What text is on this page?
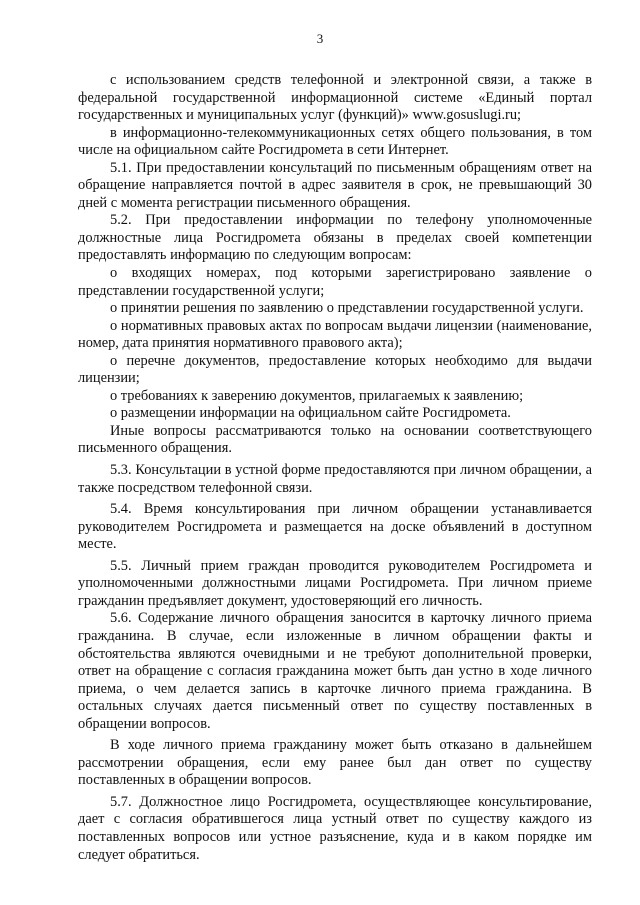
3

с использованием средств телефонной и электронной связи, а также в федеральной государственной информационной системе «Единый портал государственных и муниципальных услуг (функций)» www.gosuslugi.ru;

в информационно-телекоммуникационных сетях общего пользования, в том числе на официальном сайте Росгидромета в сети Интернет.

5.1. При предоставлении консультаций по письменным обращениям ответ на обращение направляется почтой в адрес заявителя в срок, не превышающий 30 дней с момента регистрации письменного обращения.

5.2. При предоставлении информации по телефону уполномоченные должностные лица Росгидромета обязаны в пределах своей компетенции предоставлять информацию по следующим вопросам:

о входящих номерах, под которыми зарегистрировано заявление о представлении государственной услуги;

о принятии решения по заявлению о представлении государственной услуги.

о нормативных правовых актах по вопросам выдачи лицензии (наименование, номер, дата принятия нормативного правового акта);

о перечне документов, предоставление которых необходимо для выдачи лицензии;

о требованиях к заверению документов, прилагаемых к заявлению;

о размещении информации на официальном сайте Росгидромета.

Иные вопросы рассматриваются только на основании соответствующего письменного обращения.

5.3. Консультации в устной форме предоставляются при личном обращении, а также посредством телефонной связи.

5.4. Время консультирования при личном обращении устанавливается руководителем Росгидромета и размещается на доске объявлений в доступном месте.

5.5. Личный прием граждан проводится руководителем Росгидромета и уполномоченными должностными лицами Росгидромета. При личном приеме гражданин предъявляет документ, удостоверяющий его личность.

5.6. Содержание личного обращения заносится в карточку личного приема гражданина. В случае, если изложенные в личном обращении факты и обстоятельства являются очевидными и не требуют дополнительной проверки, ответ на обращение с согласия гражданина может быть дан устно в ходе личного приема, о чем делается запись в карточке личного приема гражданина. В остальных случаях дается письменный ответ по существу поставленных в обращении вопросов.

В ходе личного приема гражданину может быть отказано в дальнейшем рассмотрении обращения, если ему ранее был дан ответ по существу поставленных в обращении вопросов.

5.7. Должностное лицо Росгидромета, осуществляющее консультирование, дает с согласия обратившегося лица устный ответ по существу каждого из поставленных вопросов или устное разъяснение, куда и в каком порядке им следует обратиться.
